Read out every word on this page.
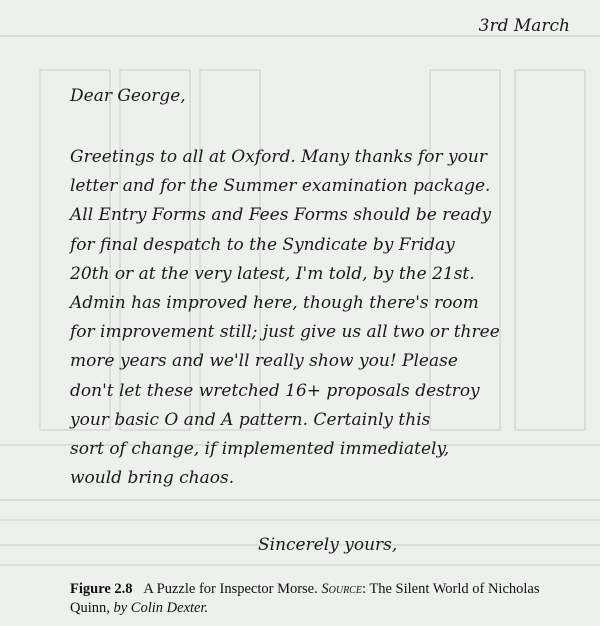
3rd March
Dear George,
Greetings to all at Oxford. Many thanks for your
letter and for the Summer examination package.
All Entry Forms and Fees Forms should be ready
for final despatch to the Syndicate by Friday
20th or at the very latest, I'm told, by the 21st.
Admin has improved here, though there's room
for improvement still; just give us all two or three
more years and we'll really show you! Please
don't let these wretched 16+ proposals destroy
your basic O and A pattern. Certainly this
sort of change, if implemented immediately,
would bring chaos.
Sincerely yours,
Figure 2.8 A Puzzle for Inspector Morse. Source: The Silent World of Nicholas Quinn, by Colin Dexter.
